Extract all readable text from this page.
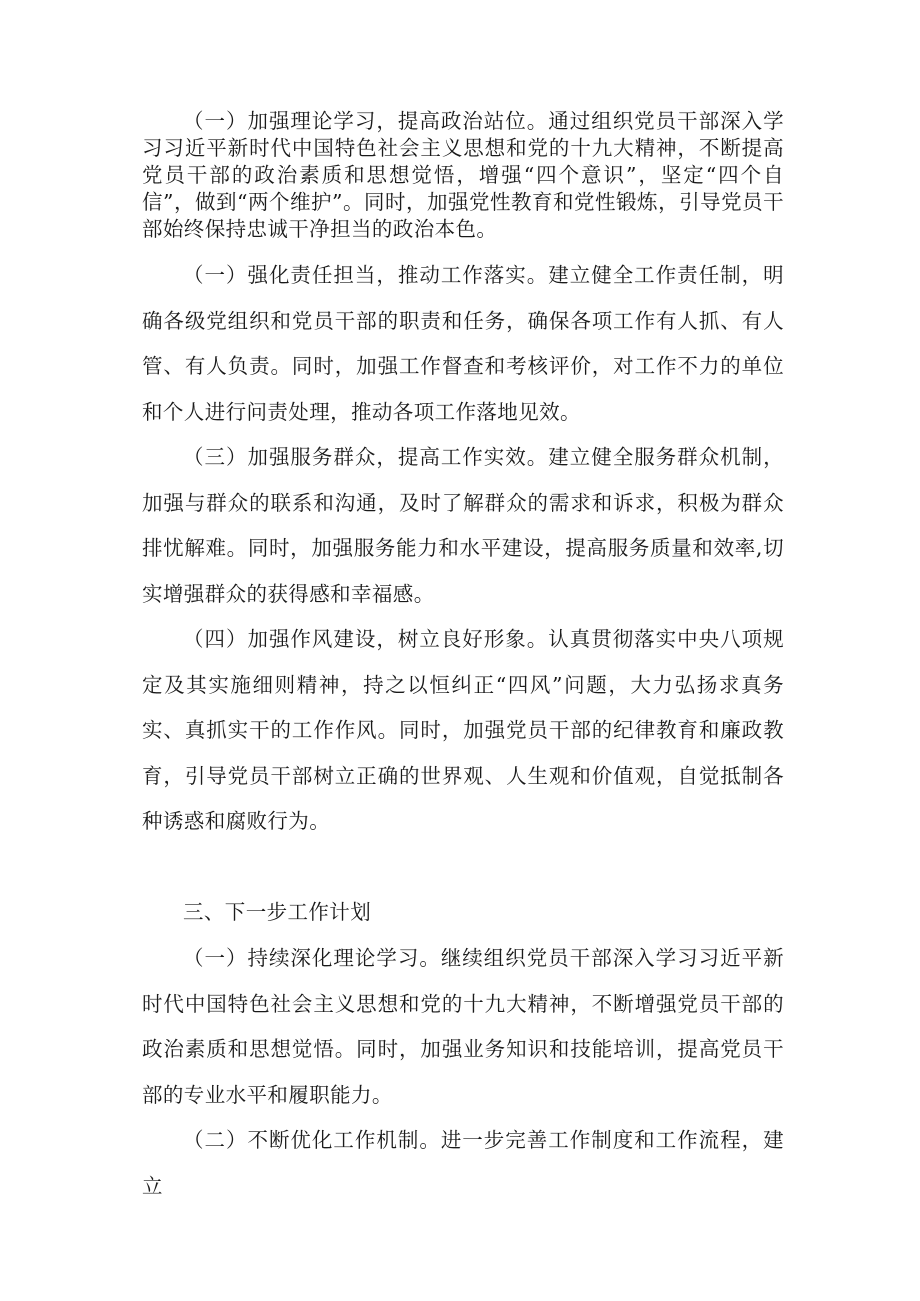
（一）加强理论学习，提高政治站位。通过组织党员干部深入学习习近平新时代中国特色社会主义思想和党的十九大精神，不断提高党员干部的政治素质和思想觉悟，增强“四个意识”，坚定“四个自信”，做到“两个维护”。同时，加强党性教育和党性锻炼，引导党员干部始终保持忠诚干净担当的政治本色。

（一）强化责任担当，推动工作落实。建立健全工作责任制，明确各级党组织和党员干部的职责和任务，确保各项工作有人抓、有人管、有人负责。同时，加强工作督查和考核评价，对工作不力的单位和个人进行问责处理，推动各项工作落地见效。

（三）加强服务群众，提高工作实效。建立健全服务群众机制，加强与群众的联系和沟通，及时了解群众的需求和诉求，积极为群众排忧解难。同时，加强服务能力和水平建设，提高服务质量和效率,切实增强群众的获得感和幸福感。

（四）加强作风建设，树立良好形象。认真贯彻落实中央八项规定及其实施细则精神，持之以恒纠正“四风”问题，大力弘扬求真务实、真抓实干的工作作风。同时，加强党员干部的纪律教育和廉政教育，引导党员干部树立正确的世界观、人生观和价值观，自觉抵制各种诱惑和腐败行为。

三、下一步工作计划

（一）持续深化理论学习。继续组织党员干部深入学习习近平新时代中国特色社会主义思想和党的十九大精神，不断增强党员干部的政治素质和思想觉悟。同时，加强业务知识和技能培训，提高党员干部的专业水平和履职能力。

（二）不断优化工作机制。进一步完善工作制度和工作流程，建立
